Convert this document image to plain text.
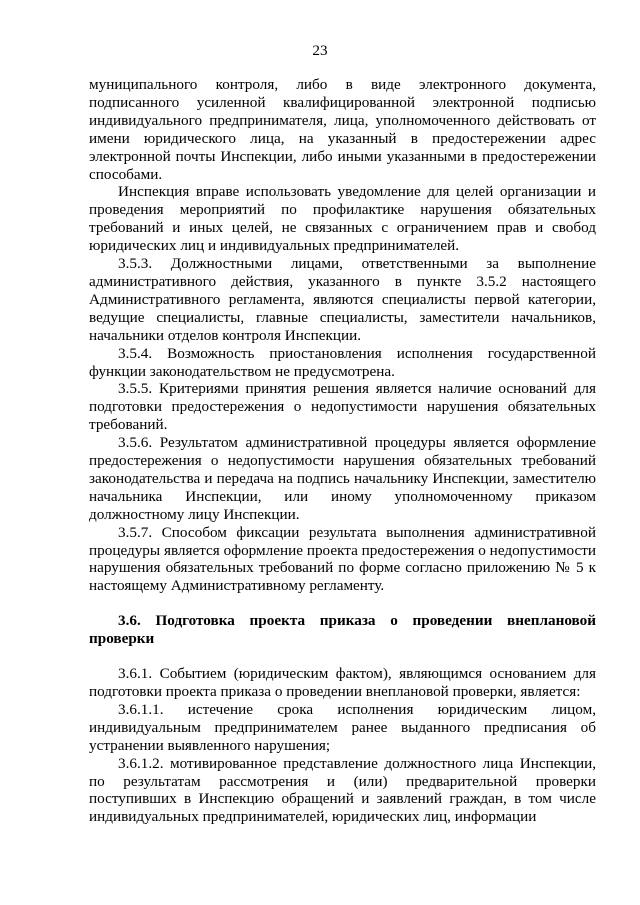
23

муниципального контроля, либо в виде электронного документа, подписанного усиленной квалифицированной электронной подписью индивидуального предпринимателя, лица, уполномоченного действовать от имени юридического лица, на указанный в предостережении адрес электронной почты Инспекции, либо иными указанными в предостережении способами.

Инспекция вправе использовать уведомление для целей организации и проведения мероприятий по профилактике нарушения обязательных требований и иных целей, не связанных с ограничением прав и свобод юридических лиц и индивидуальных предпринимателей.

3.5.3. Должностными лицами, ответственными за выполнение административного действия, указанного в пункте 3.5.2 настоящего Административного регламента, являются специалисты первой категории, ведущие специалисты, главные специалисты, заместители начальников, начальники отделов контроля Инспекции.

3.5.4. Возможность приостановления исполнения государственной функции законодательством не предусмотрена.

3.5.5. Критериями принятия решения является наличие оснований для подготовки предостережения о недопустимости нарушения обязательных требований.

3.5.6. Результатом административной процедуры является оформление предостережения о недопустимости нарушения обязательных требований законодательства и передача на подпись начальнику Инспекции, заместителю начальника Инспекции, или иному уполномоченному приказом должностному лицу Инспекции.

3.5.7. Способом фиксации результата выполнения административной процедуры является оформление проекта предостережения о недопустимости нарушения обязательных требований по форме согласно приложению № 5 к настоящему Административному регламенту.

3.6. Подготовка проекта приказа о проведении внеплановой проверки

3.6.1. Событием (юридическим фактом), являющимся основанием для подготовки проекта приказа о проведении внеплановой проверки, является:

3.6.1.1. истечение срока исполнения юридическим лицом, индивидуальным предпринимателем ранее выданного предписания об устранении выявленного нарушения;

3.6.1.2. мотивированное представление должностного лица Инспекции, по результатам рассмотрения и (или) предварительной проверки поступивших в Инспекцию обращений и заявлений граждан, в том числе индивидуальных предпринимателей, юридических лиц, информации
